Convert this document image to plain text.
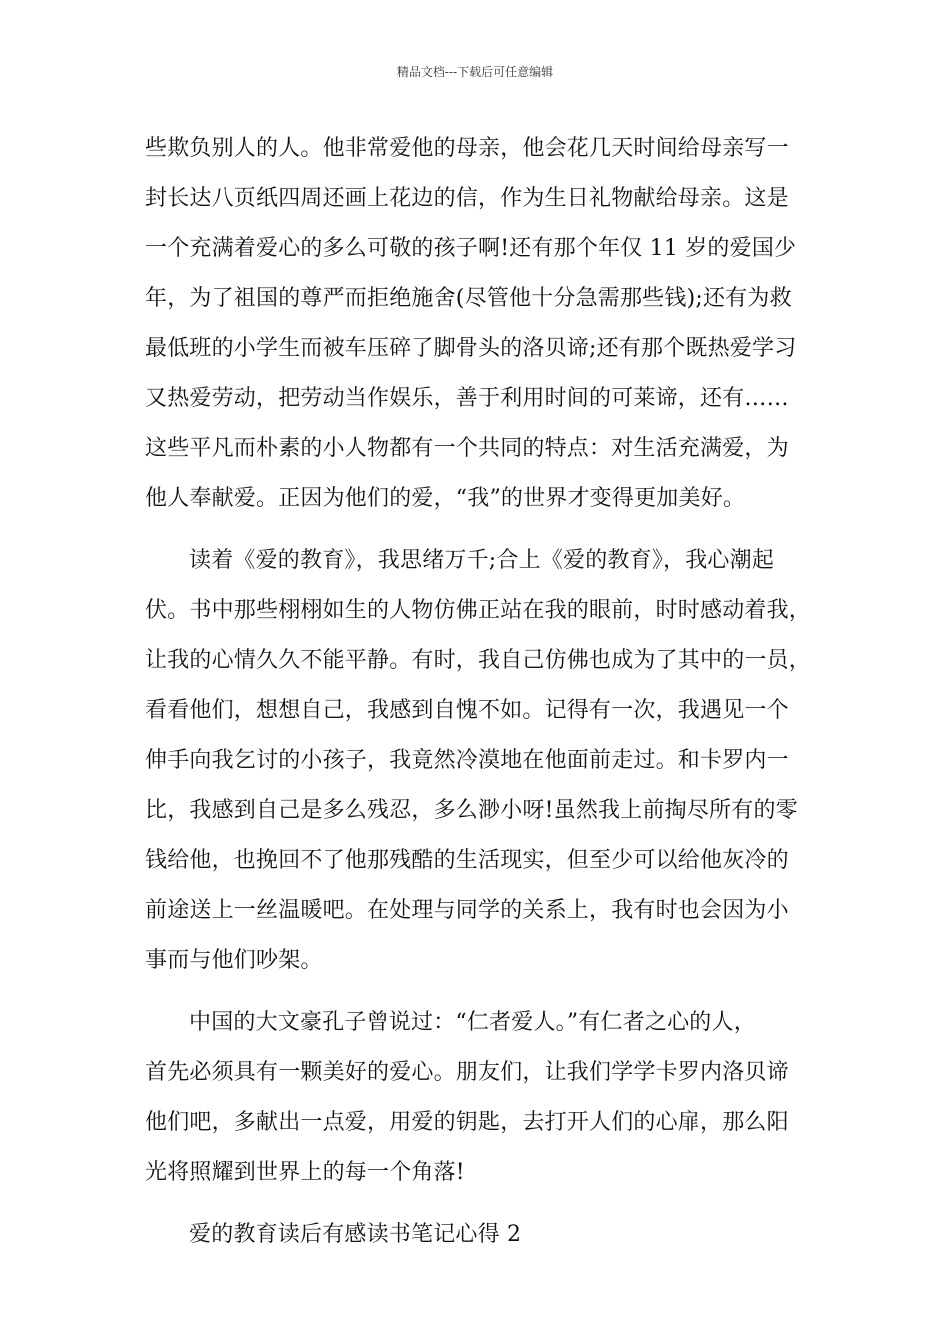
精品文档---下载后可任意编辑
些欺负别人的人。他非常爱他的母亲，他会花几天时间给母亲写一
封长达八页纸四周还画上花边的信，作为生日礼物献给母亲。这是
一个充满着爱心的多么可敬的孩子啊!还有那个年仅 11 岁的爱国少
年，为了祖国的尊严而拒绝施舍(尽管他十分急需那些钱);还有为救
最低班的小学生而被车压碎了脚骨头的洛贝谛;还有那个既热爱学习
又热爱劳动，把劳动当作娱乐，善于利用时间的可莱谛，还有……
这些平凡而朴素的小人物都有一个共同的特点：对生活充满爱，为
他人奉献爱。正因为他们的爱，“我”的世界才变得更加美好。
读着《爱的教育》，我思绪万千;合上《爱的教育》，我心潮起
伏。书中那些栩栩如生的人物仿佛正站在我的眼前，时时感动着我，
让我的心情久久不能平静。有时，我自己仿佛也成为了其中的一员，
看看他们，想想自己，我感到自愧不如。记得有一次，我遇见一个
伸手向我乞讨的小孩子，我竟然冷漠地在他面前走过。和卡罗内一
比，我感到自己是多么残忍，多么渺小呀!虽然我上前掏尽所有的零
钱给他，也挽回不了他那残酷的生活现实，但至少可以给他灰冷的
前途送上一丝温暖吧。在处理与同学的关系上，我有时也会因为小
事而与他们吵架。
中国的大文豪孔子曾说过：“仁者爱人。”有仁者之心的人，
首先必须具有一颗美好的爱心。朋友们，让我们学学卡罗内洛贝谛
他们吧，多献出一点爱，用爱的钥匙，去打开人们的心扉，那么阳
光将照耀到世界上的每一个角落!
爱的教育读后有感读书笔记心得 2
